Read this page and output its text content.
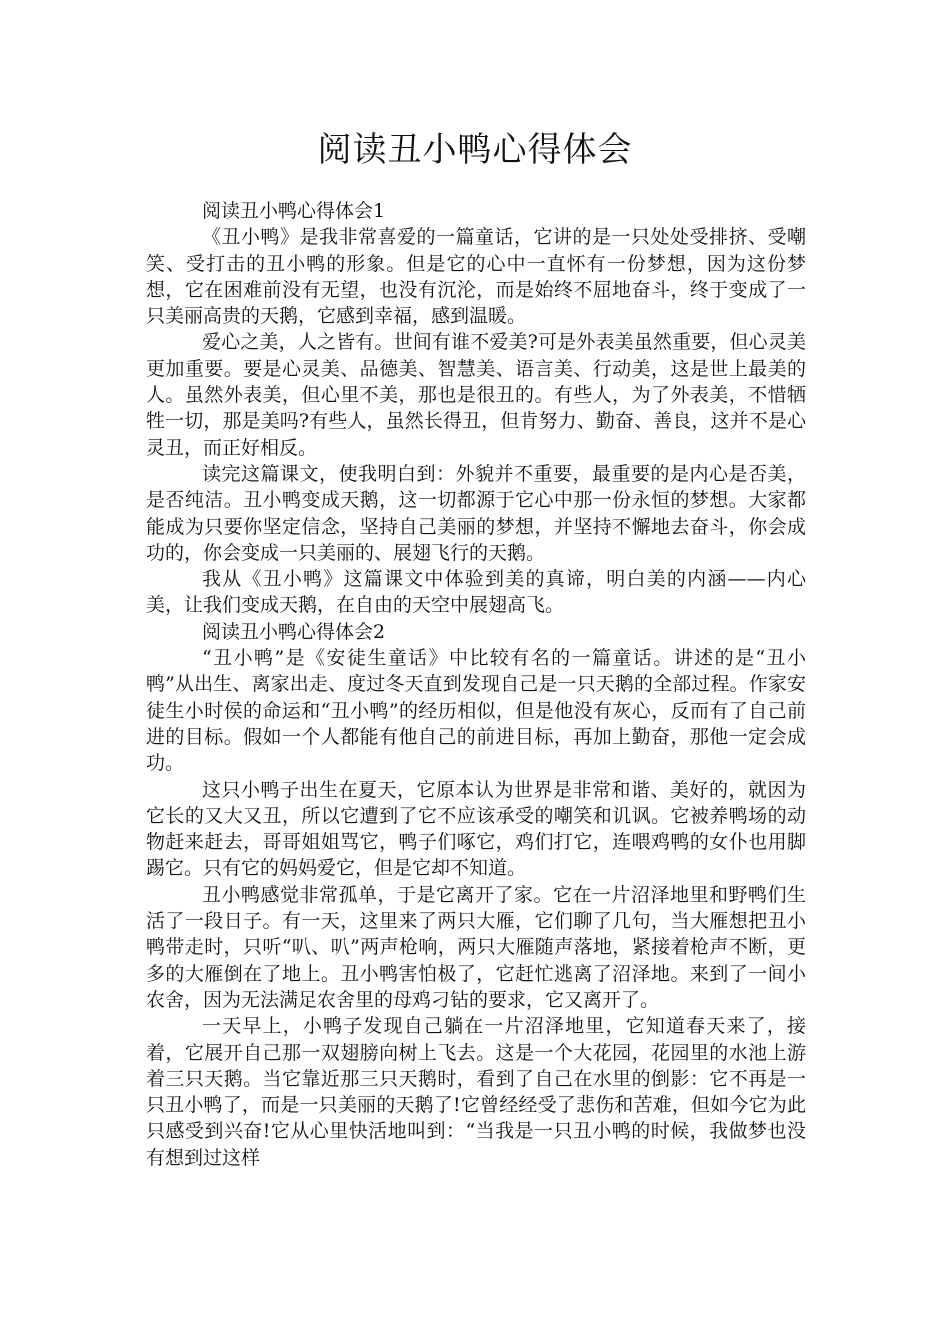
阅读丑小鸭心得体会

阅读丑小鸭心得体会1

《丑小鸭》是我非常喜爱的一篇童话，它讲的是一只处处受排挤、受嘲笑、受打击的丑小鸭的形象。但是它的心中一直怀有一份梦想，因为这份梦想，它在困难前没有无望，也没有沉沦，而是始终不屈地奋斗，终于变成了一只美丽高贵的天鹅，它感到幸福，感到温暖。

爱心之美，人之皆有。世间有谁不爱美?可是外表美虽然重要，但心灵美更加重要。要是心灵美、品德美、智慧美、语言美、行动美，这是世上最美的人。虽然外表美，但心里不美，那也是很丑的。有些人，为了外表美，不惜牺牲一切，那是美吗?有些人，虽然长得丑，但肯努力、勤奋、善良，这并不是心灵丑，而正好相反。

读完这篇课文，使我明白到：外貌并不重要，最重要的是内心是否美，是否纯洁。丑小鸭变成天鹅，这一切都源于它心中那一份永恒的梦想。大家都能成为只要你坚定信念，坚持自己美丽的梦想，并坚持不懈地去奋斗，你会成功的，你会变成一只美丽的、展翅飞行的天鹅。

我从《丑小鸭》这篇课文中体验到美的真谛，明白美的内涵——内心美，让我们变成天鹅，在自由的天空中展翅高飞。

阅读丑小鸭心得体会2

“丑小鸭”是《安徒生童话》中比较有名的一篇童话。讲述的是“丑小鸭”从出生、离家出走、度过冬天直到发现自己是一只天鹅的全部过程。作家安徒生小时侯的命运和“丑小鸭”的经历相似，但是他没有灰心，反而有了自己前进的目标。假如一个人都能有他自己的前进目标，再加上勤奋，那他一定会成功。

这只小鸭子出生在夏天，它原本认为世界是非常和谐、美好的，就因为它长的又大又丑，所以它遭到了它不应该承受的嘲笑和讥讽。它被养鸭场的动物赶来赶去，哥哥姐姐骂它，鸭子们啄它，鸡们打它，连喂鸡鸭的女仆也用脚踢它。只有它的妈妈爱它，但是它却不知道。

丑小鸭感觉非常孤单，于是它离开了家。它在一片沼泽地里和野鸭们生活了一段日子。有一天，这里来了两只大雁，它们聊了几句，当大雁想把丑小鸭带走时，只听“叭、叭”两声枪响，两只大雁随声落地，紧接着枪声不断，更多的大雁倒在了地上。丑小鸭害怕极了，它赶忙逃离了沼泽地。来到了一间小农舍，因为无法满足农舍里的母鸡刁钻的要求，它又离开了。

一天早上，小鸭子发现自己躺在一片沼泽地里，它知道春天来了，接着，它展开自己那一双翅膀向树上飞去。这是一个大花园，花园里的水池上游着三只天鹅。当它靠近那三只天鹅时，看到了自己在水里的倒影：它不再是一只丑小鸭了，而是一只美丽的天鹅了!它曾经经受了悲伤和苦难，但如今它为此只感受到兴奋!它从心里快活地叫到：“当我是一只丑小鸭的时候，我做梦也没有想到过这样
